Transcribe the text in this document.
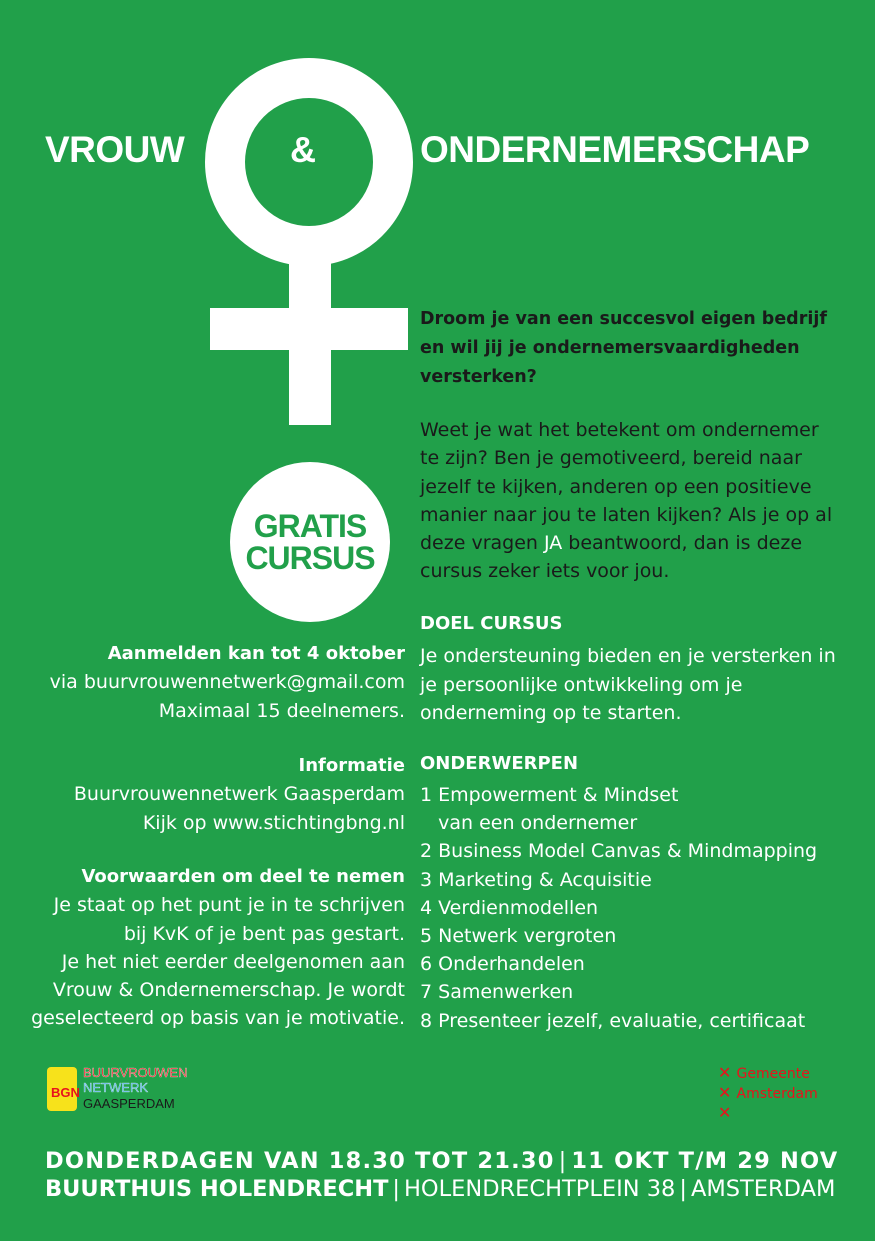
VROUW	&	ONDERNEMERSCHAP
GRATIS
CURSUS
Droom je van een succesvol eigen bedrijf en wil jij je ondernemersvaardigheden versterken?
Weet je wat het betekent om ondernemer te zijn? Ben je gemotiveerd, bereid naar jezelf te kijken, anderen op een positieve manier naar jou te laten kijken? Als je op al deze vragen JA beantwoord, dan is deze cursus zeker iets voor jou.
DOEL CURSUS
Je ondersteuning bieden en je versterken in je persoonlijke ontwikkeling om je onderneming op te starten.
ONDERWERPEN
1 Empowerment & Mindset
van een ondernemer
2 Business Model Canvas & Mindmapping
3 Marketing & Acquisitie
4 Verdienmodellen
5 Netwerk vergroten
6 Onderhandelen
7 Samenwerken
8 Presenteer jezelf, evaluatie, certificaat
Aanmelden kan tot 4 oktober
via buurvrouwennetwerk@gmail.com
Maximaal 15 deelnemers.
Informatie
Buurvrouwennetwerk Gaasperdam
Kijk op www.stichtingbng.nl
Voorwaarden om deel te nemen
Je staat op het punt je in te schrijven
bij KvK of je bent pas gestart.
Je het niet eerder deelgenomen aan
Vrouw & Ondernemerschap. Je wordt
geselecteerd op basis van je motivatie.
BGN
BUURVROUWEN
NETWERK
GAASPERDAM
✕ Gemeente
✕ Amsterdam
✕
DONDERDAGEN VAN 18.30 TOT 21.30 | 11 OKT T/M 29 NOV
BUURTHUIS HOLENDRECHT | HOLENDRECHTPLEIN 38 | AMSTERDAM
